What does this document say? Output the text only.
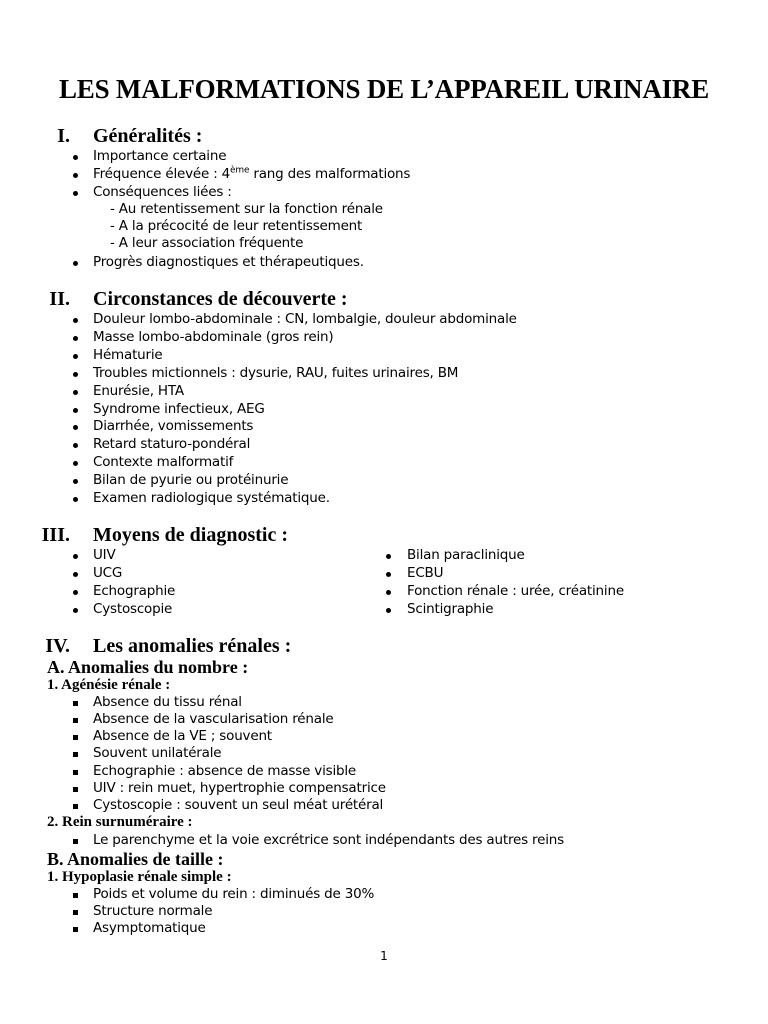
LES MALFORMATIONS DE L’APPAREIL URINAIRE
I. Généralités :
Importance certaine
Fréquence élevée : 4ème rang des malformations
Conséquences liées :
- Au retentissement sur la fonction rénale
- A la précocité de leur retentissement
- A leur association fréquente
Progrès diagnostiques et thérapeutiques.
II. Circonstances de découverte :
Douleur lombo-abdominale : CN, lombalgie, douleur abdominale
Masse lombo-abdominale (gros rein)
Hématurie
Troubles mictionnels : dysurie, RAU, fuites urinaires, BM
Enurésie, HTA
Syndrome infectieux, AEG
Diarrhée, vomissements
Retard staturo-pondéral
Contexte malformatif
Bilan de pyurie ou protéinurie
Examen radiologique systématique.
III. Moyens de diagnostic :
UIV
UCG
Echographie
Cystoscopie
Bilan paraclinique
ECBU
Fonction rénale : urée, créatinine
Scintigraphie
IV. Les anomalies rénales :
A. Anomalies du nombre :
1. Agénésie rénale :
Absence du tissu rénal
Absence de la vascularisation rénale
Absence de la VE ; souvent
Souvent unilatérale
Echographie : absence de masse visible
UIV : rein muet, hypertrophie compensatrice
Cystoscopie : souvent un seul méat urétéral
2. Rein surnuméraire :
Le parenchyme et la voie excrétrice sont indépendants des autres reins
B. Anomalies de taille :
1. Hypoplasie rénale simple :
Poids et volume du rein : diminués de 30%
Structure normale
Asymptomatique
1
